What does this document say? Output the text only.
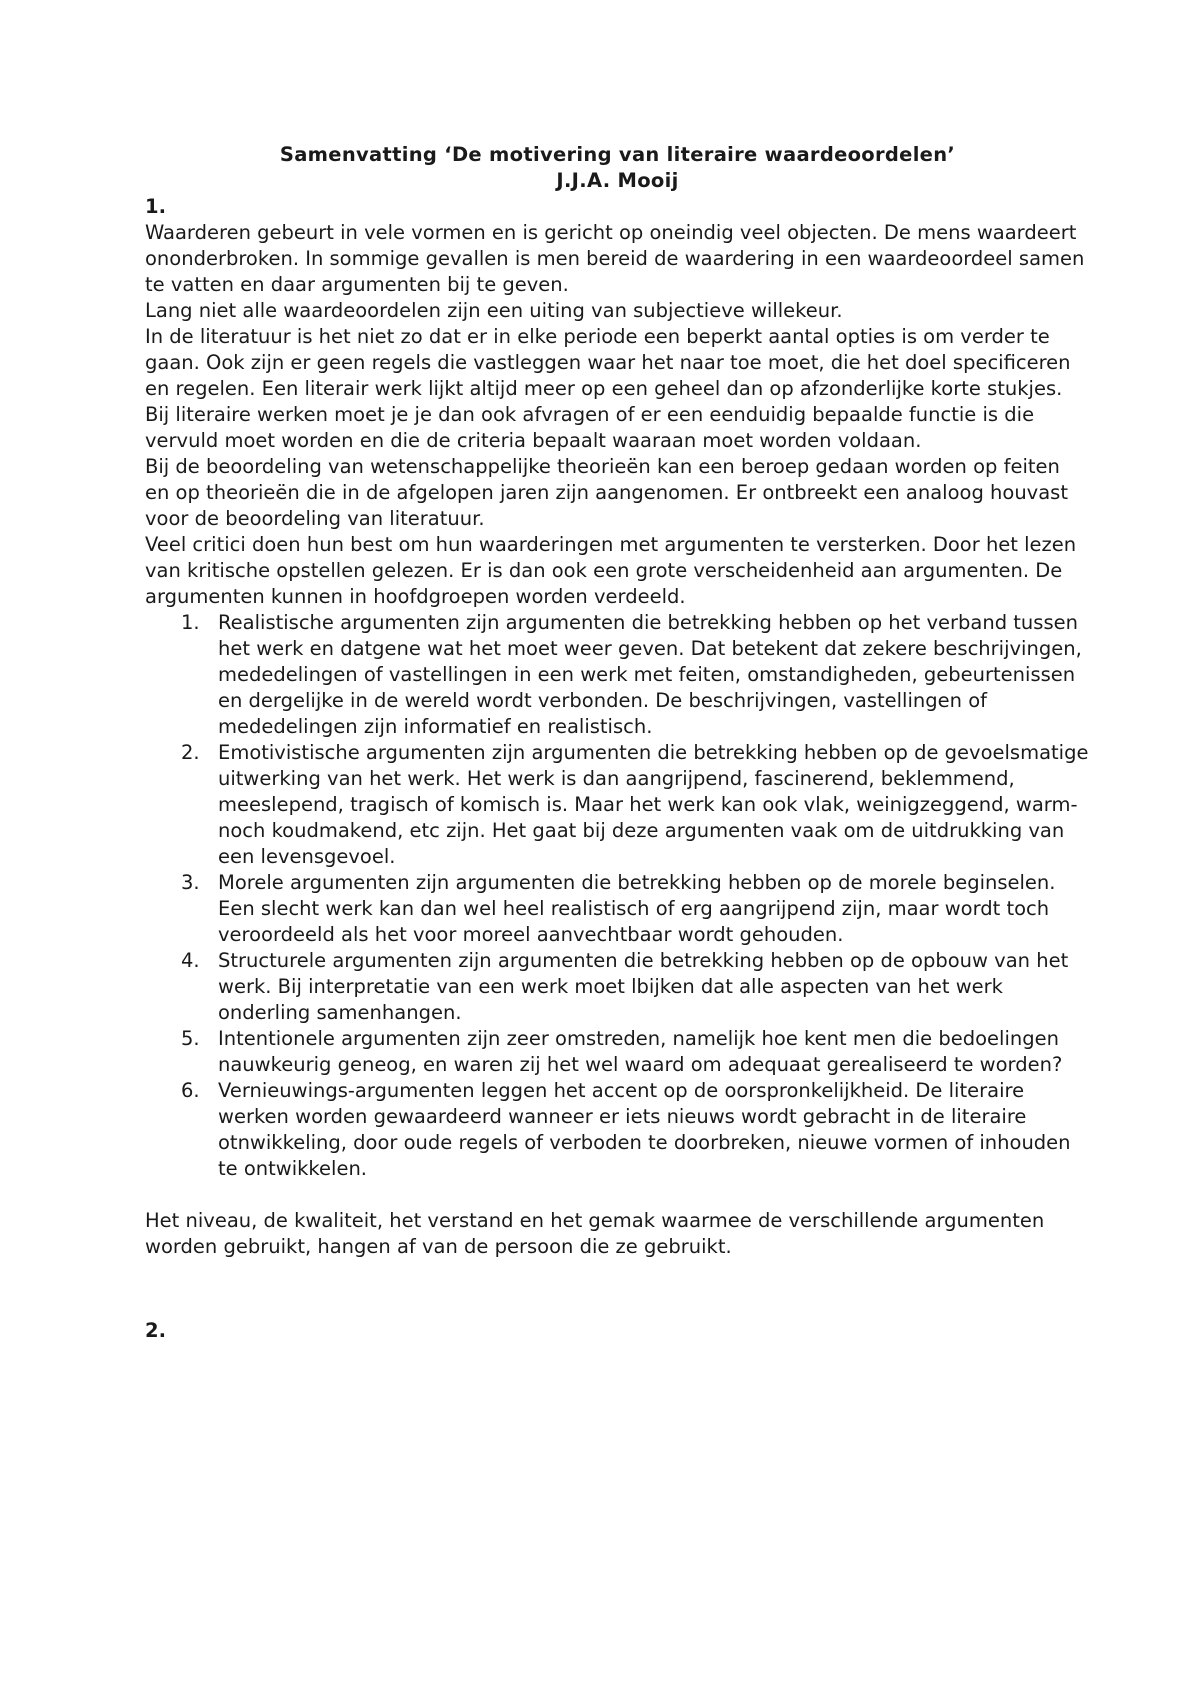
Samenvatting ‘De motivering van literaire waardeoordelen’
J.J.A. Mooij
1.

Waarderen gebeurt in vele vormen en is gericht op oneindig veel objecten. De mens waardeert ononderbroken. In sommige gevallen is men bereid de waardering in een waardeoordeel samen te vatten en daar argumenten bij te geven.

Lang niet alle waardeoordelen zijn een uiting van subjectieve willekeur.

In de literatuur is het niet zo dat er in elke periode een beperkt aantal opties is om verder te gaan. Ook zijn er geen regels die vastleggen waar het naar toe moet, die het doel specificeren en regelen. Een literair werk lijkt altijd meer op een geheel dan op afzonderlijke korte stukjes. Bij literaire werken moet je je dan ook afvragen of er een eenduidig bepaalde functie is die vervuld moet worden en die de criteria bepaalt waaraan moet worden voldaan.

Bij de beoordeling van wetenschappelijke theorieën kan een beroep gedaan worden op feiten en op theorieën die in de afgelopen jaren zijn aangenomen. Er ontbreekt een analoog houvast voor de beoordeling van literatuur.

Veel critici doen hun best om hun waarderingen met argumenten te versterken. Door het lezen van kritische opstellen gelezen. Er is dan ook een grote verscheidenheid aan argumenten. De argumenten kunnen in hoofdgroepen worden verdeeld.

1. Realistische argumenten zijn argumenten die betrekking hebben op het verband tussen het werk en datgene wat het moet weer geven. Dat betekent dat zekere beschrijvingen, mededelingen of vastellingen in een werk met feiten, omstandigheden, gebeurtenissen en dergelijke in de wereld wordt verbonden. De beschrijvingen, vastellingen of mededelingen zijn informatief en realistisch.
2. Emotivistische argumenten zijn argumenten die betrekking hebben op de gevoelsmatige uitwerking van het werk. Het werk is dan aangrijpend, fascinerend, beklemmend, meeslepend, tragisch of komisch is. Maar het werk kan ook vlak, weinigzeggend, warm- noch koudmakend, etc zijn. Het gaat bij deze argumenten vaak om de uitdrukking van een levensgevoel.
3. Morele argumenten zijn argumenten die betrekking hebben op de morele beginselen. Een slecht werk kan dan wel heel realistisch of erg aangrijpend zijn, maar wordt toch veroordeeld als het voor moreel aanvechtbaar wordt gehouden.
4. Structurele argumenten zijn argumenten die betrekking hebben op de opbouw van het werk. Bij interpretatie van een werk moet lbijken dat alle aspecten van het werk onderling samenhangen.
5. Intentionele argumenten zijn zeer omstreden, namelijk hoe kent men die bedoelingen nauwkeurig geneog, en waren zij het wel waard om adequaat gerealiseerd te worden?
6. Vernieuwings-argumenten leggen het accent op de oorspronkelijkheid. De literaire werken worden gewaardeerd wanneer er iets nieuws wordt gebracht in de literaire otnwikkeling, door oude regels of verboden te doorbreken, nieuwe vormen of inhouden te ontwikkelen.

Het niveau, de kwaliteit, het verstand en het gemak waarmee de verschillende argumenten worden gebruikt, hangen af van de persoon die ze gebruikt.

2.
